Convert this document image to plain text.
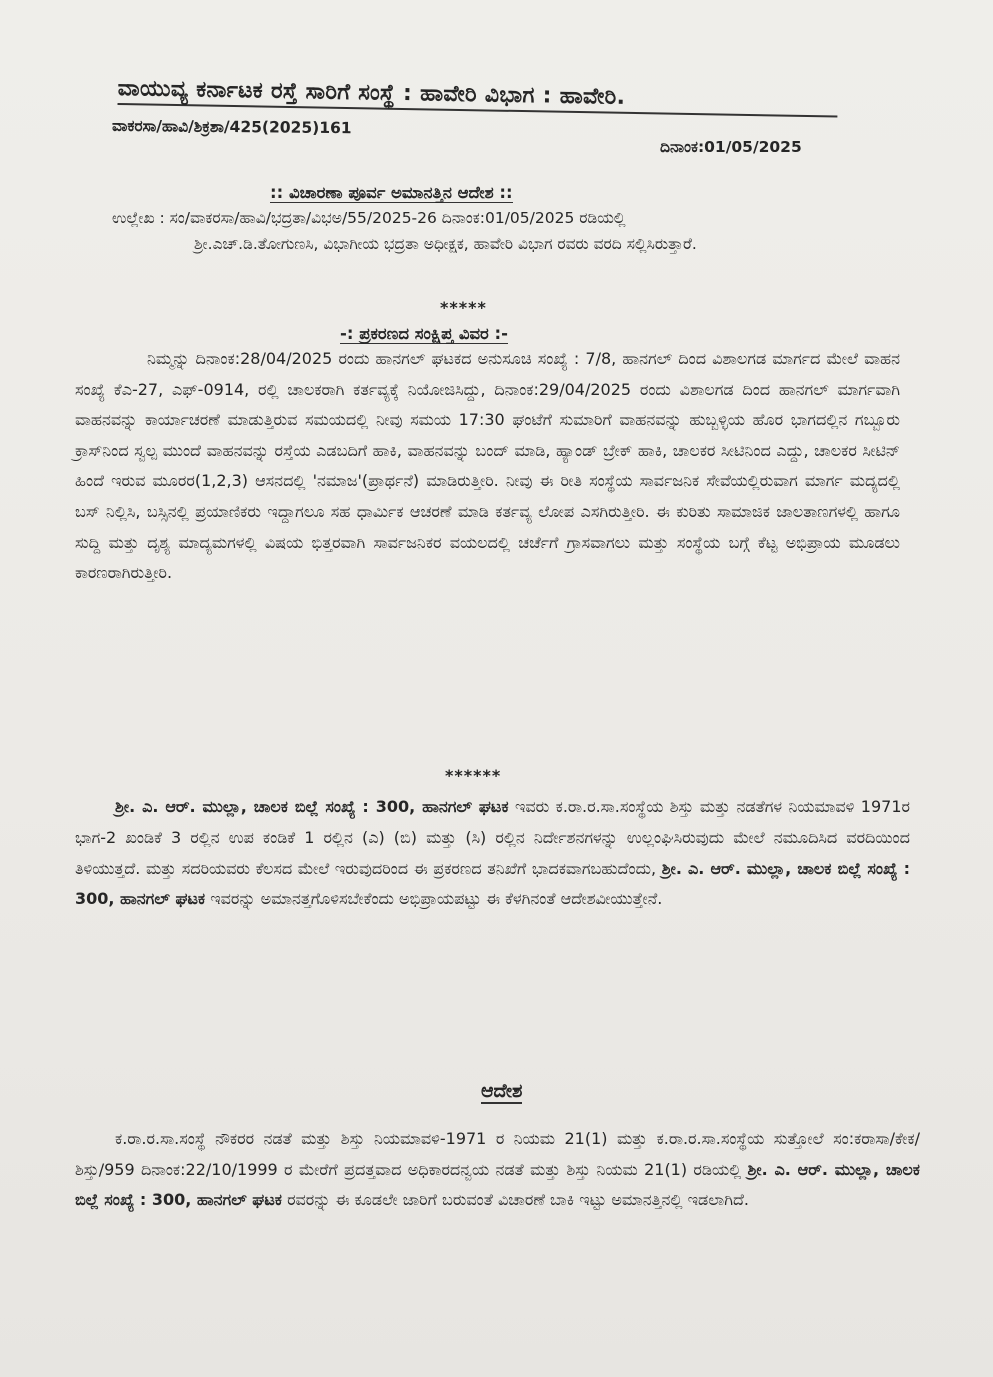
ವಾಯುವ್ಯ ಕರ್ನಾಟಕ ರಸ್ತೆ ಸಾರಿಗೆ ಸಂಸ್ಥೆ : ಹಾವೇರಿ ವಿಭಾಗ : ಹಾವೇರಿ.
ವಾಕರಸಾ/ಹಾವಿ/ಶಿಕ್ರಶಾ/425(2025)161
ದಿನಾಂಕ:01/05/2025
:: ವಿಚಾರಣಾ ಪೂರ್ವ ಅಮಾನತ್ತಿನ ಆದೇಶ ::
ಉಲ್ಲೇಖ : ಸಂ/ವಾಕರಸಾ/ಹಾವಿ/ಭದ್ರತಾ/ವಿಭಅ/55/2025-26 ದಿನಾಂಕ:01/05/2025 ರಡಿಯಲ್ಲಿ
ಶ್ರೀ.ಎಚ್.ಡಿ.ತೋಗುಣಸಿ, ವಿಭಾಗೀಯ ಭದ್ರತಾ ಅಧೀಕ್ಷಕ, ಹಾವೇರಿ ವಿಭಾಗ ರವರು ವರದಿ ಸಲ್ಲಿಸಿರುತ್ತಾರೆ.
*****
-: ಪ್ರಕರಣದ ಸಂಕ್ಷಿಪ್ತ ವಿವರ :-

ನಿಮ್ಮನ್ನು ದಿನಾಂಕ:28/04/2025 ರಂದು ಹಾನಗಲ್ ಘಟಕದ ಅನುಸೂಚಿ ಸಂಖ್ಯೆ : 7/8, ಹಾನಗಲ್ ದಿಂದ ವಿಶಾಲಗಡ ಮಾರ್ಗದ ಮೇಲೆ ವಾಹನ ಸಂಖ್ಯೆ ಕೆಎ-27, ಎಫ್-0914, ರಲ್ಲಿ ಚಾಲಕರಾಗಿ ಕರ್ತವ್ಯಕ್ಕೆ ನಿಯೋಜಿಸಿದ್ದು, ದಿನಾಂಕ:29/04/2025 ರಂದು ವಿಶಾಲಗಡ ದಿಂದ ಹಾನಗಲ್ ಮಾರ್ಗವಾಗಿ ವಾಹನವನ್ನು ಕಾರ್ಯಾಚರಣೆ ಮಾಡುತ್ತಿರುವ ಸಮಯದಲ್ಲಿ ನೀವು ಸಮಯ 17:30 ಘಂಟೆಗೆ ಸುಮಾರಿಗೆ ವಾಹನವನ್ನು ಹುಬ್ಬಳ್ಳಿಯ ಹೊರ ಭಾಗದಲ್ಲಿನ ಗಬ್ಬೂರು ಕ್ರಾಸ್‌ನಿಂದ ಸ್ವಲ್ಪ ಮುಂದೆ ವಾಹನವನ್ನು ರಸ್ತೆಯ ಎಡಬದಿಗೆ ಹಾಕಿ, ವಾಹನವನ್ನು ಬಂದ್ ಮಾಡಿ, ಹ್ಯಾಂಡ್ ಬ್ರೇಕ್ ಹಾಕಿ, ಚಾಲಕರ ಸೀಟಿನಿಂದ ಎದ್ದು, ಚಾಲಕರ ಸೀಟಿನ್ ಹಿಂದೆ ಇರುವ ಮೂರರ(1,2,3) ಆಸನದಲ್ಲಿ 'ನಮಾಜ'(ಪ್ರಾರ್ಥನೆ) ಮಾಡಿರುತ್ತೀರಿ. ನೀವು ಈ ರೀತಿ ಸಂಸ್ಥೆಯ ಸಾರ್ವಜನಿಕ ಸೇವೆಯಲ್ಲಿರುವಾಗ ಮಾರ್ಗ ಮದ್ಯದಲ್ಲಿ ಬಸ್ ನಿಲ್ಲಿಸಿ, ಬಸ್ಸಿನಲ್ಲಿ ಪ್ರಯಾಣಿಕರು ಇದ್ದಾಗಲೂ ಸಹ ಧಾರ್ಮಿಕ ಆಚರಣೆ ಮಾಡಿ ಕರ್ತವ್ಯ ಲೋಪ ಎಸಗಿರುತ್ತೀರಿ. ಈ ಕುರಿತು ಸಾಮಾಜಿಕ ಜಾಲತಾಣಗಳಲ್ಲಿ ಹಾಗೂ ಸುದ್ದಿ ಮತ್ತು ದೃಶ್ಯ ಮಾದ್ಯಮಗಳಲ್ಲಿ ವಿಷಯ ಭಿತ್ತರವಾಗಿ ಸಾರ್ವಜನಿಕರ ವಯಲದಲ್ಲಿ ಚರ್ಚೆಗೆ ಗ್ರಾಸವಾಗಲು ಮತ್ತು ಸಂಸ್ಥೆಯ ಬಗ್ಗೆ ಕೆಟ್ಟ ಅಭಿಪ್ರಾಯ ಮೂಡಲು ಕಾರಣರಾಗಿರುತ್ತೀರಿ.

******

ಶ್ರೀ. ಎ. ಆರ್. ಮುಲ್ಲಾ, ಚಾಲಕ ಬಿಲ್ಲೆ ಸಂಖ್ಯೆ : 300, ಹಾನಗಲ್ ಘಟಕ ಇವರು ಕ.ರಾ.ರ.ಸಾ.ಸಂಸ್ಥೆಯ ಶಿಸ್ತು ಮತ್ತು ನಡತೆಗಳ ನಿಯಮಾವಳಿ 1971ರ ಭಾಗ-2 ಖಂಡಿಕೆ 3 ರಲ್ಲಿನ ಉಪ ಕಂಡಿಕೆ 1 ರಲ್ಲಿನ (ಎ) (ಬಿ) ಮತ್ತು (ಸಿ) ರಲ್ಲಿನ ನಿರ್ದೇಶನಗಳನ್ನು ಉಲ್ಲಂಘಿಸಿರುವುದು ಮೇಲೆ ನಮೂದಿಸಿದ ವರದಿಯಿಂದ ತಿಳಿಯುತ್ತದೆ. ಮತ್ತು ಸದರಿಯವರು ಕೆಲಸದ ಮೇಲೆ ಇರುವುದರಿಂದ ಈ ಪ್ರಕರಣದ ತನಿಖೆಗೆ ಭಾದಕವಾಗಬಹುದೆಂದು, ಶ್ರೀ. ಎ. ಆರ್. ಮುಲ್ಲಾ, ಚಾಲಕ ಬಿಲ್ಲೆ ಸಂಖ್ಯೆ : 300, ಹಾನಗಲ್ ಘಟಕ ಇವರನ್ನು ಅಮಾನತ್ತಗೊಳಿಸಬೇಕೆಂದು ಅಭಿಪ್ರಾಯಪಟ್ಟು ಈ ಕೆಳಗಿನಂತೆ ಆದೇಶವೀಯುತ್ತೇನೆ.

ಆದೇಶ

ಕ.ರಾ.ರ.ಸಾ.ಸಂಸ್ಥೆ ನೌಕರರ ನಡತೆ ಮತ್ತು ಶಿಸ್ತು ನಿಯಮಾವಳಿ-1971 ರ ನಿಯಮ 21(1) ಮತ್ತು ಕ.ರಾ.ರ.ಸಾ.ಸಂಸ್ಥೆಯ ಸುತ್ತೋಲೆ ಸಂ:ಕರಾಸಾ/ಕೇಕ/ಶಿಸ್ತು/959 ದಿನಾಂಕ:22/10/1999 ರ ಮೇರೆಗೆ ಪ್ರದತ್ತವಾದ ಅಧಿಕಾರದನ್ವಯ ನಡತೆ ಮತ್ತು ಶಿಸ್ತು ನಿಯಮ 21(1) ರಡಿಯಲ್ಲಿ ಶ್ರೀ. ಎ. ಆರ್. ಮುಲ್ಲಾ, ಚಾಲಕ ಬಿಲ್ಲೆ ಸಂಖ್ಯೆ : 300, ಹಾನಗಲ್ ಘಟಕ ರವರನ್ನು ಈ ಕೂಡಲೇ ಜಾರಿಗೆ ಬರುವಂತೆ ವಿಚಾರಣೆ ಬಾಕಿ ಇಟ್ಟು ಅಮಾನತ್ತಿನಲ್ಲಿ ಇಡಲಾಗಿದೆ.
